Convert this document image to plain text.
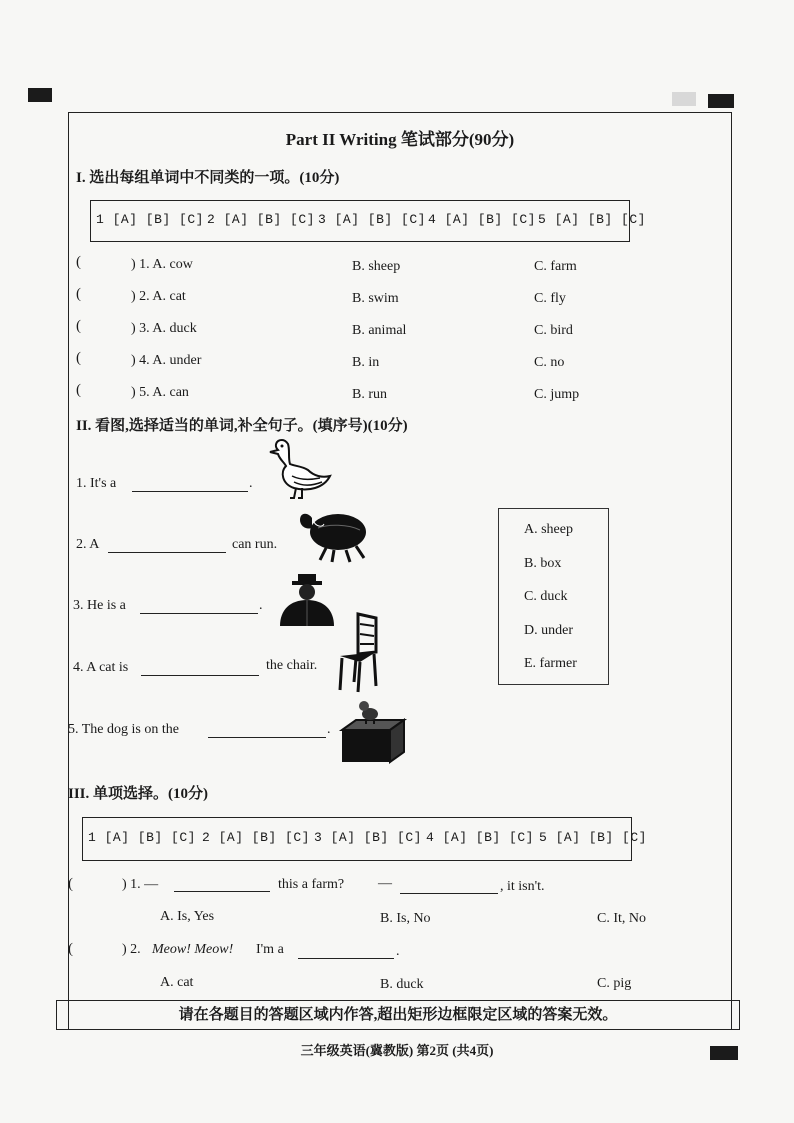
Part II Writing 笔试部分(90分)
I. 选出每组单词中不同类的一项。(10分)
1 [A] [B] [C] 2 [A] [B] [C] 3 [A] [B] [C] 4 [A] [B] [C] 5 [A] [B] [C]
(	) 1. A. cow	B. sheep	C. farm
(	) 2. A. cat	B. swim	C. fly
(	) 3. A. duck	B. animal	C. bird
(	) 4. A. under	B. in	C. no
(	) 5. A. can	B. run	C. jump
II. 看图,选择适当的单词,补全句子。(填序号)(10分)
1. It's a	.
2. A	can run.
3. He is a	.
4. A cat is	the chair.
5. The dog is on the	.
A. sheep
B. box
C. duck
D. under
E. farmer
III. 单项选择。(10分)
1 [A] [B] [C] 2 [A] [B] [C] 3 [A] [B] [C] 4 [A] [B] [C] 5 [A] [B] [C]
(	) 1. —	this a farm? —	, it isn't.
A. Is, Yes	B. Is, No	C. It, No
(	) 2. Meow! Meow! I'm a	.
A. cat	B. duck	C. pig
请在各题目的答题区域内作答,超出矩形边框限定区域的答案无效。
三年级英语(冀教版) 第2页 (共4页)
